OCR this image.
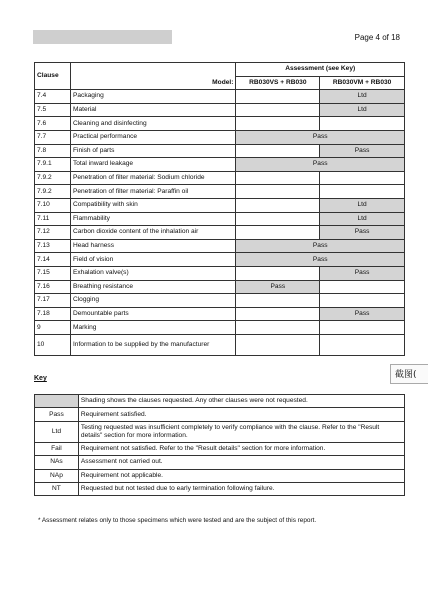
Page 4 of 18
Clause		Assessment (see Key)	
	Model:	RB030VS + RB030	RB030VM + RB030
7.4	Packaging		Ltd
7.5	Material		Ltd
7.6	Cleaning and disinfecting		
7.7	Practical performance	Pass	
7.8	Finish of parts		Pass
7.9.1	Total inward leakage	Pass	
7.9.2	Penetration of filter material: Sodium chloride		
7.9.2	Penetration of filter material: Paraffin oil		
7.10	Compatibility with skin		Ltd
7.11	Flammability		Ltd
7.12	Carbon dioxide content of the inhalation air		Pass
7.13	Head harness	Pass	
7.14	Field of vision	Pass	
7.15	Exhalation valve(s)		Pass
7.16	Breathing resistance	Pass	
7.17	Clogging		
7.18	Demountable parts		Pass
9	Marking		
10	Information to be supplied by the manufacturer		
Key
	Shading shows the clauses requested. Any other clauses were not requested.
Pass	Requirement satisfied.
Ltd	Testing requested was insufficient completely to verify compliance with the clause. Refer to the "Result details" section for more information.
Fail	Requirement not satisfied. Refer to the "Result details" section for more information.
NAs	Assessment not carried out.
NAp	Requirement not applicable.
NT	Requested but not tested due to early termination following failure.
* Assessment relates only to those specimens which were tested and are the subject of this report.
截图(
